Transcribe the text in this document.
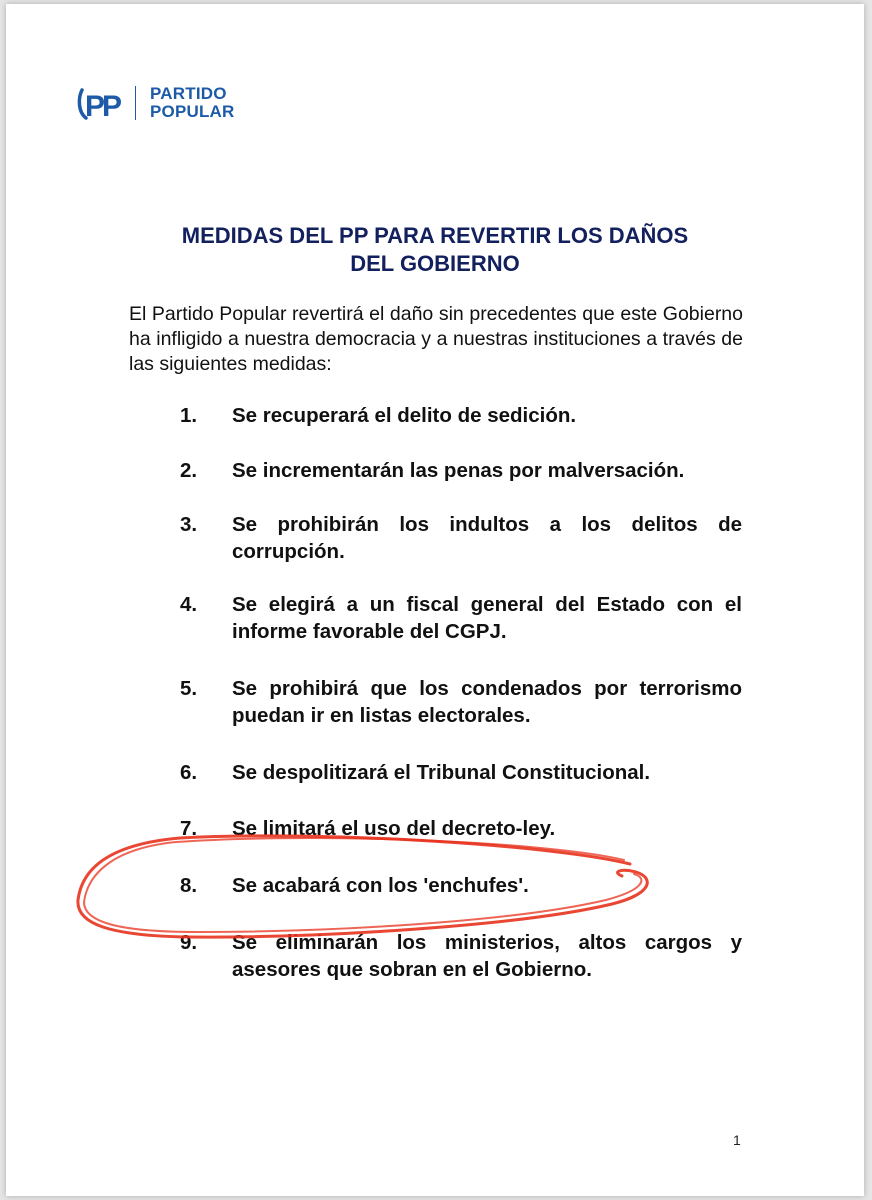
PP PARTIDO
POPULAR
MEDIDAS DEL PP PARA REVERTIR LOS DAÑOS
DEL GOBIERNO
El Partido Popular revertirá el daño sin precedentes que este Gobierno ha infligido a nuestra democracia y a nuestras instituciones a través de las siguientes medidas:
1. Se recuperará el delito de sedición.
2. Se incrementarán las penas por malversación.
3. Se prohibirán los indultos a los delitos de corrupción.
4. Se elegirá a un fiscal general del Estado con el informe favorable del CGPJ.
5. Se prohibirá que los condenados por terrorismo puedan ir en listas electorales.
6. Se despolitizará el Tribunal Constitucional.
7. Se limitará el uso del decreto-ley.
8. Se acabará con los 'enchufes'.
9. Se eliminarán los ministerios, altos cargos y asesores que sobran en el Gobierno.
1
